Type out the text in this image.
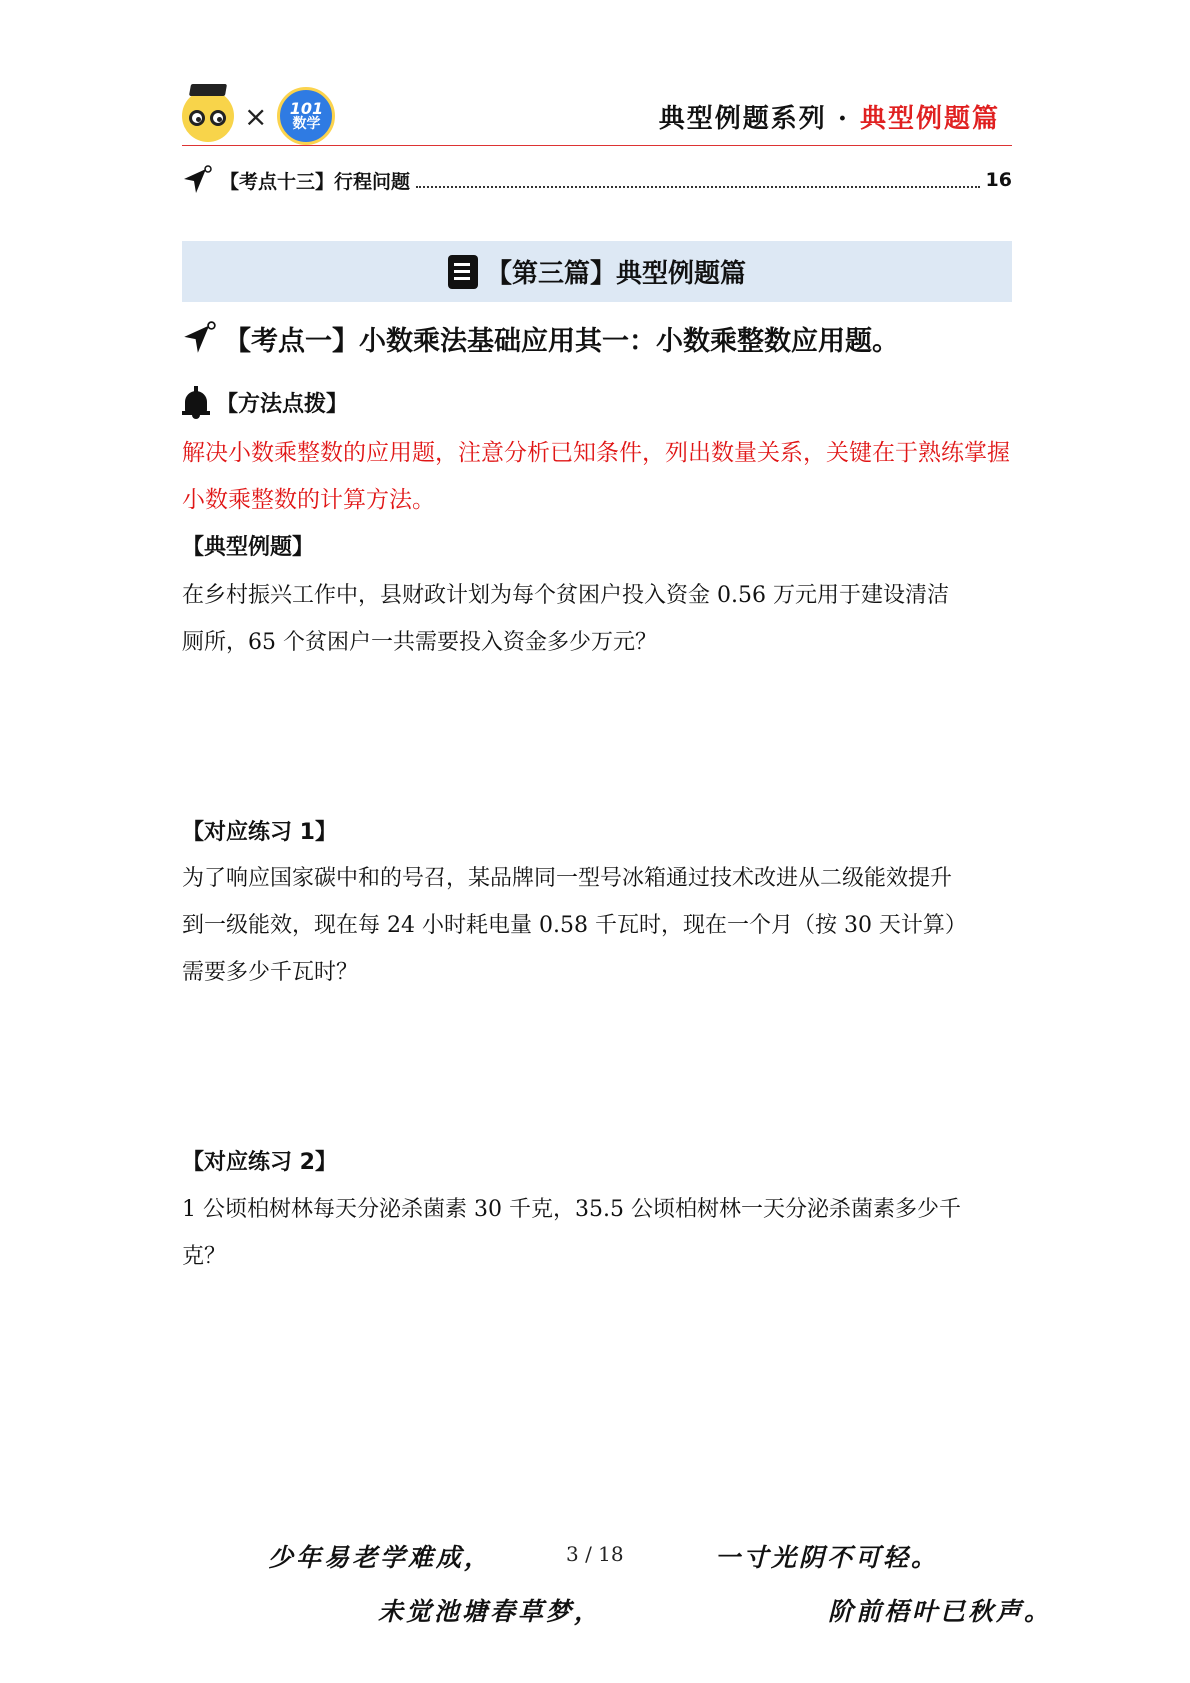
× 101
数学	典型例题系列 · 典型例题篇
【考点十三】行程问题	16
【第三篇】典型例题篇
【考点一】小数乘法基础应用其一：小数乘整数应用题。
【方法点拨】
解决小数乘整数的应用题，注意分析已知条件，列出数量关系，关键在于熟练掌握小数乘整数的计算方法。
【典型例题】
在乡村振兴工作中，县财政计划为每个贫困户投入资金 0.56 万元用于建设清洁
厕所，65 个贫困户一共需要投入资金多少万元？
【对应练习 1】
为了响应国家碳中和的号召，某品牌同一型号冰箱通过技术改进从二级能效提升
到一级能效，现在每 24 小时耗电量 0.58 千瓦时，现在一个月（按 30 天计算）
需要多少千瓦时？
【对应练习 2】
1 公顷柏树林每天分泌杀菌素 30 千克，35.5 公顷柏树林一天分泌杀菌素多少千
克？
少年易老学难成，	3 / 18	一寸光阴不可轻。
未觉池塘春草梦，	阶前梧叶已秋声。
